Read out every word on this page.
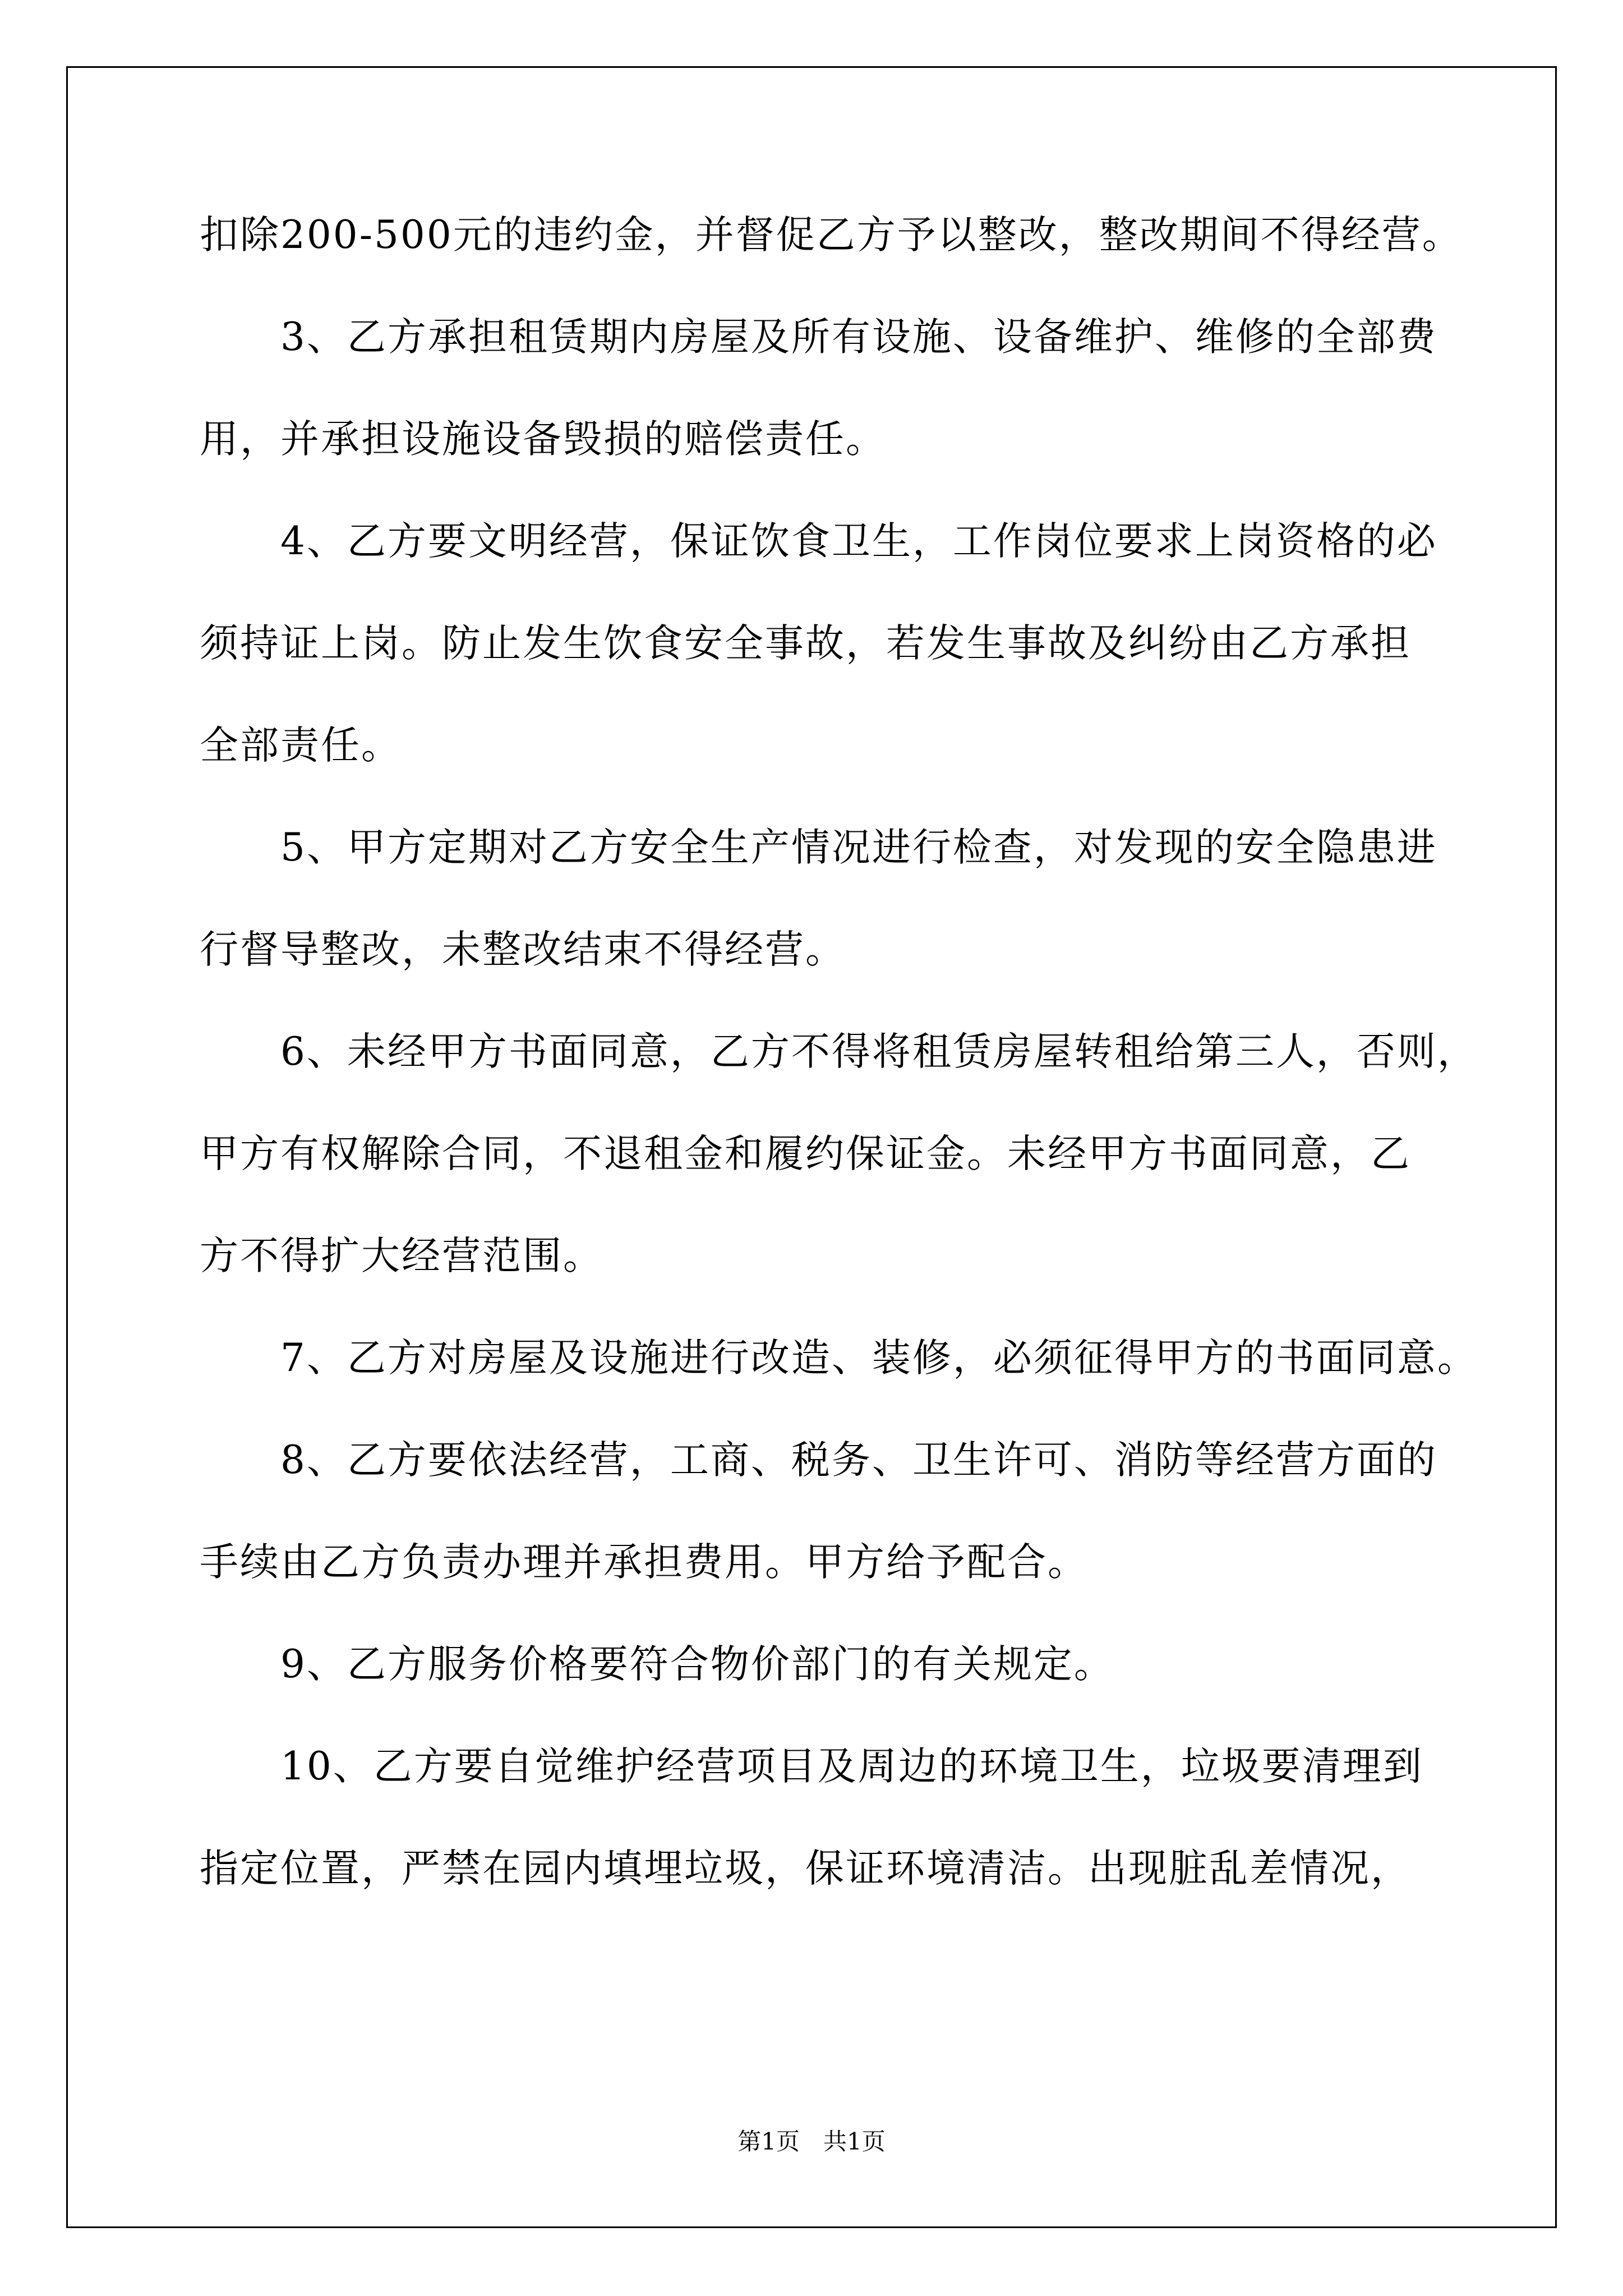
扣除200-500元的违约金，并督促乙方予以整改，整改期间不得经营。
3、乙方承担租赁期内房屋及所有设施、设备维护、维修的全部费
用，并承担设施设备毁损的赔偿责任。
4、乙方要文明经营，保证饮食卫生，工作岗位要求上岗资格的必
须持证上岗。防止发生饮食安全事故，若发生事故及纠纷由乙方承担
全部责任。
5、甲方定期对乙方安全生产情况进行检查，对发现的安全隐患进
行督导整改，未整改结束不得经营。
6、未经甲方书面同意，乙方不得将租赁房屋转租给第三人，否则，
甲方有权解除合同，不退租金和履约保证金。未经甲方书面同意，乙
方不得扩大经营范围。
7、乙方对房屋及设施进行改造、装修，必须征得甲方的书面同意。
8、乙方要依法经营，工商、税务、卫生许可、消防等经营方面的
手续由乙方负责办理并承担费用。甲方给予配合。
9、乙方服务价格要符合物价部门的有关规定。
10、乙方要自觉维护经营项目及周边的环境卫生，垃圾要清理到
指定位置，严禁在园内填埋垃圾，保证环境清洁。出现脏乱差情况，
第1页　共1页
